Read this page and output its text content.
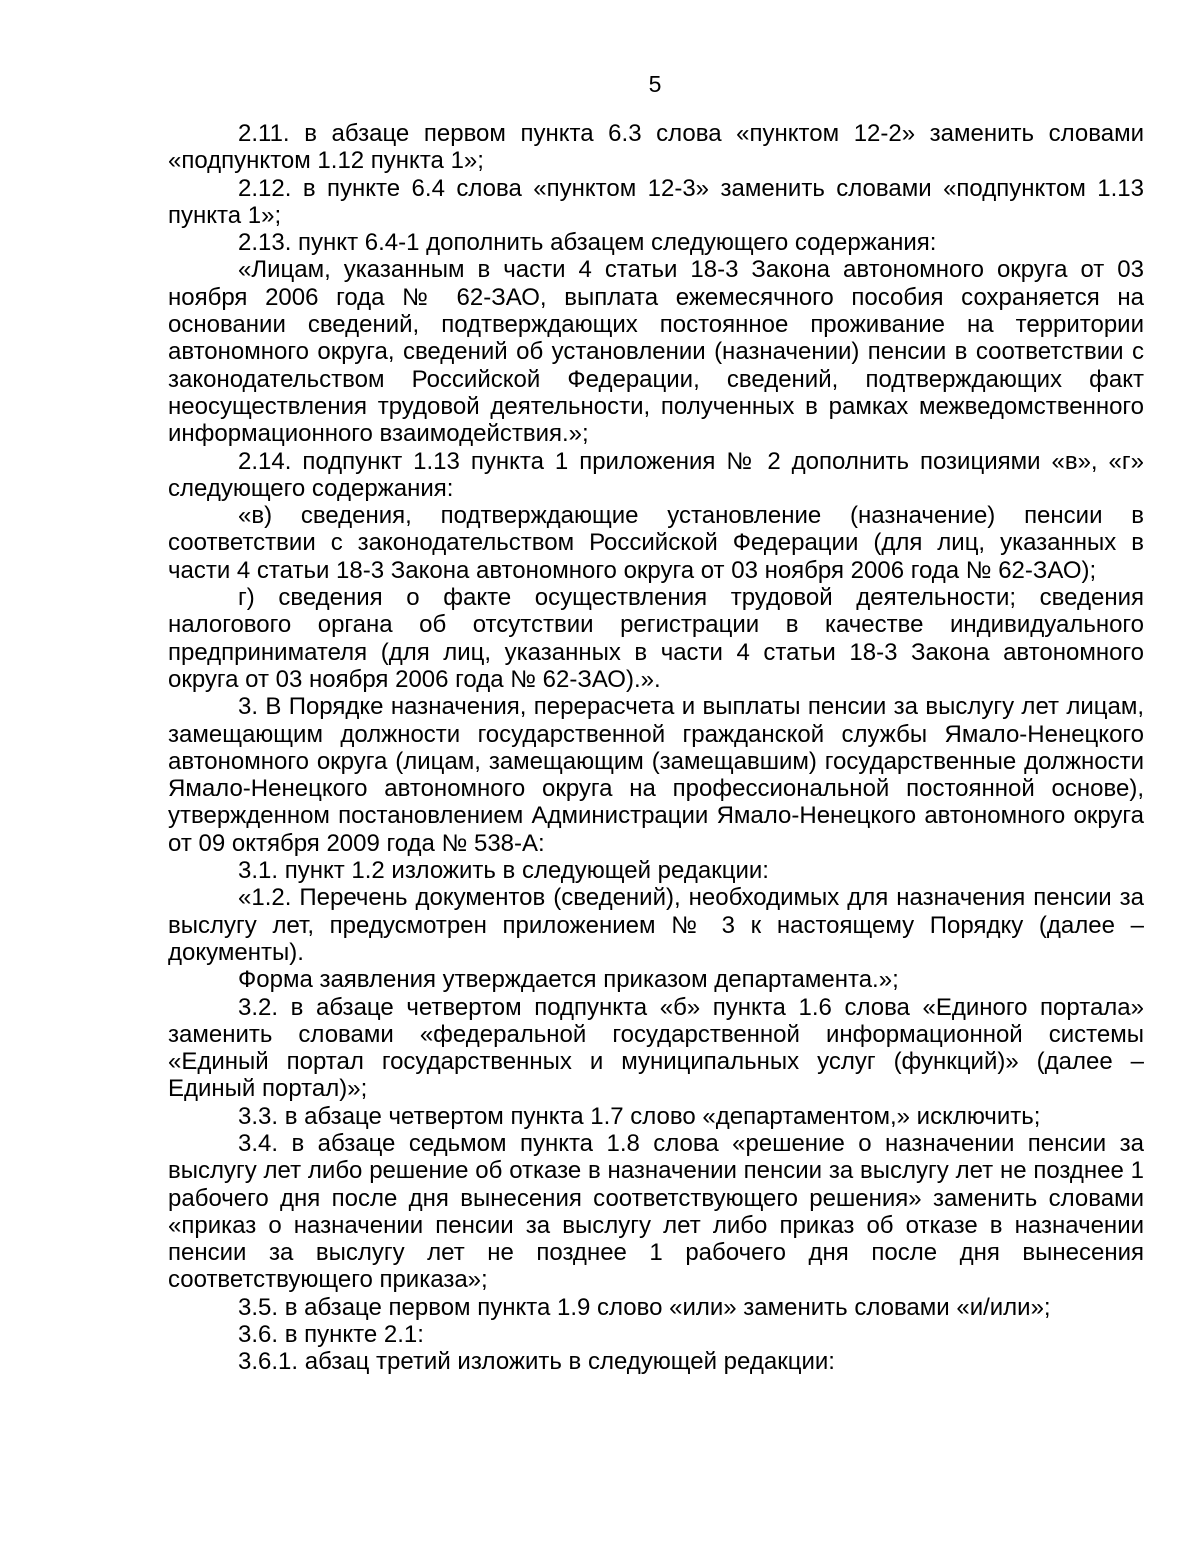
5

2.11. в абзаце первом пункта 6.3 слова «пунктом 12-2» заменить словами «подпунктом 1.12 пункта 1»;

2.12. в пункте 6.4 слова «пунктом 12-3» заменить словами «подпунктом 1.13 пункта 1»;

2.13. пункт 6.4-1 дополнить абзацем следующего содержания:

«Лицам, указанным в части 4 статьи 18-3 Закона автономного округа от 03 ноября 2006 года № 62-ЗАО, выплата ежемесячного пособия сохраняется на основании сведений, подтверждающих постоянное проживание на территории автономного округа, сведений об установлении (назначении) пенсии в соответствии с законодательством Российской Федерации, сведений, подтверждающих факт неосуществления трудовой деятельности, полученных в рамках межведомственного информационного взаимодействия.»;

2.14. подпункт 1.13 пункта 1 приложения № 2 дополнить позициями «в», «г» следующего содержания:

«в) сведения, подтверждающие установление (назначение) пенсии в соответствии с законодательством Российской Федерации (для лиц, указанных в части 4 статьи 18-3 Закона автономного округа от 03 ноября 2006 года № 62-ЗАО);

г) сведения о факте осуществления трудовой деятельности; сведения налогового органа об отсутствии регистрации в качестве индивидуального предпринимателя (для лиц, указанных в части 4 статьи 18-3 Закона автономного округа от 03 ноября 2006 года № 62-ЗАО).».

3. В Порядке назначения, перерасчета и выплаты пенсии за выслугу лет лицам, замещающим должности государственной гражданской службы Ямало-Ненецкого автономного округа (лицам, замещающим (замещавшим) государственные должности Ямало-Ненецкого автономного округа на профессиональной постоянной основе), утвержденном постановлением Администрации Ямало-Ненецкого автономного округа от 09 октября 2009 года № 538-А:

3.1. пункт 1.2 изложить в следующей редакции:

«1.2. Перечень документов (сведений), необходимых для назначения пенсии за выслугу лет, предусмотрен приложением № 3 к настоящему Порядку (далее – документы).

Форма заявления утверждается приказом департамента.»;

3.2. в абзаце четвертом подпункта «б» пункта 1.6 слова «Единого портала» заменить словами «федеральной государственной информационной системы «Единый портал государственных и муниципальных услуг (функций)» (далее – Единый портал)»;

3.3. в абзаце четвертом пункта 1.7 слово «департаментом,» исключить;

3.4. в абзаце седьмом пункта 1.8 слова «решение о назначении пенсии за выслугу лет либо решение об отказе в назначении пенсии за выслугу лет не позднее 1 рабочего дня после дня вынесения соответствующего решения» заменить словами «приказ о назначении пенсии за выслугу лет либо приказ об отказе в назначении пенсии за выслугу лет не позднее 1 рабочего дня после дня вынесения соответствующего приказа»;

3.5. в абзаце первом пункта 1.9 слово «или» заменить словами «и/или»;

3.6. в пункте 2.1:

3.6.1. абзац третий изложить в следующей редакции:
